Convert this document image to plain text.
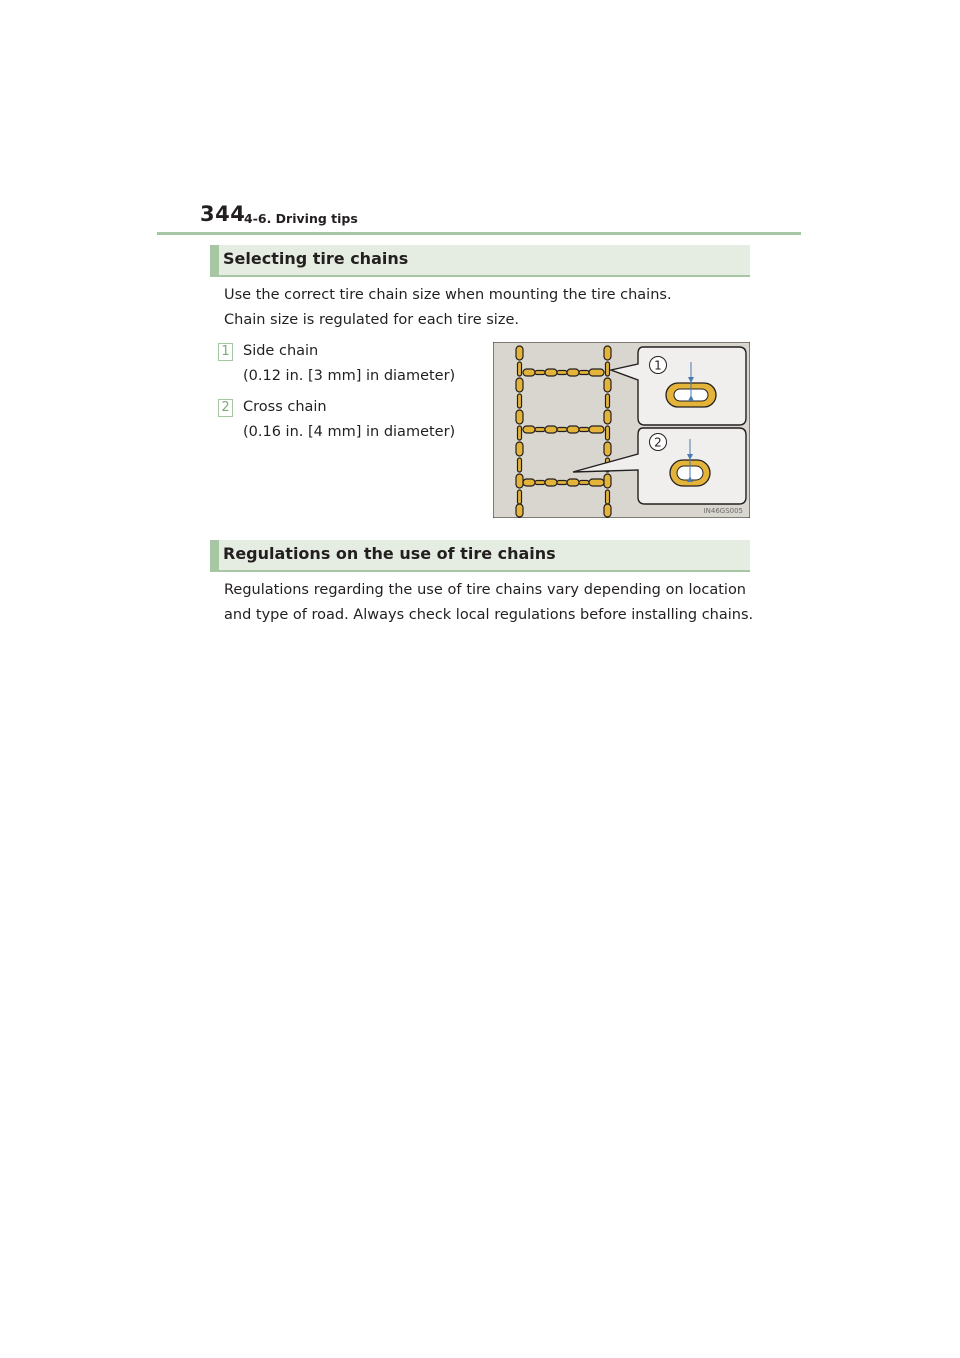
344
4-6. Driving tips
Selecting tire chains
Use the correct tire chain size when mounting the tire chains.
Chain size is regulated for each tire size.
1 Side chain
(0.12 in. [3 mm] in diameter)
2 Cross chain
(0.16 in. [4 mm] in diameter)
1
2
IN46GS005
Regulations on the use of tire chains
Regulations regarding the use of tire chains vary depending on location
and type of road. Always check local regulations before installing chains.
